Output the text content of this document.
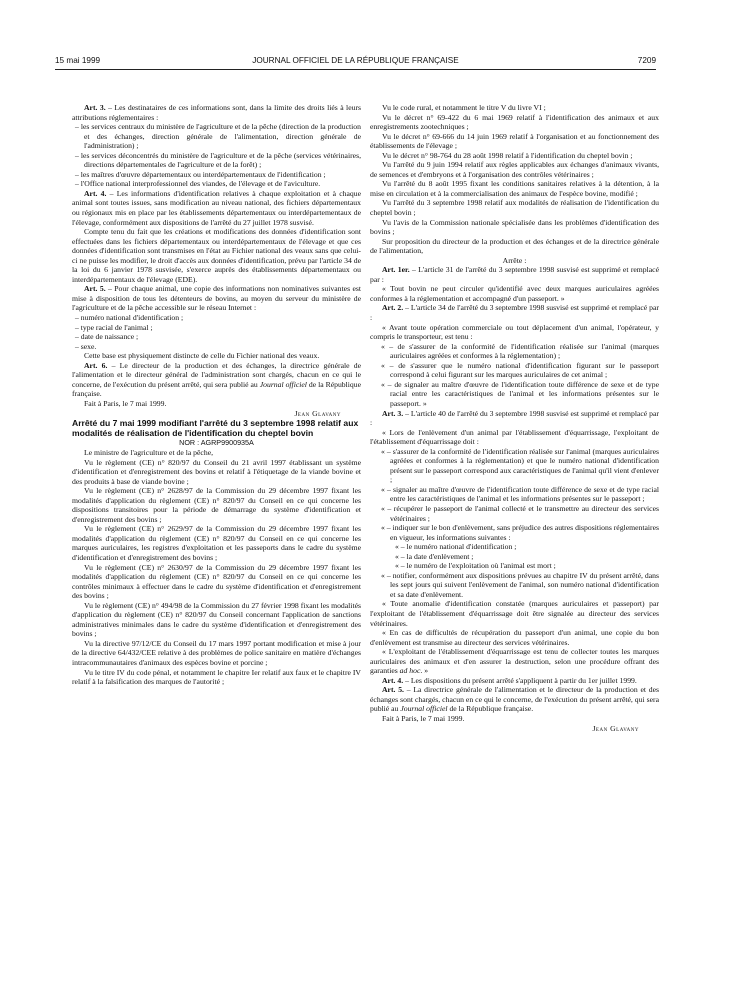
15 mai 1999	JOURNAL OFFICIEL DE LA RÉPUBLIQUE FRANÇAISE	7209

Art. 3. – Les destinataires de ces informations sont, dans la limite des droits liés à leurs attributions réglementaires :

– les services centraux du ministère de l'agriculture et de la pêche (direction de la production et des échanges, direction générale de l'alimentation, direction générale de l'administration) ;

– les services déconcentrés du ministère de l'agriculture et de la pêche (services vétérinaires, directions départementales de l'agriculture et de la forêt) ;

– les maîtres d'œuvre départementaux ou interdépartementaux de l'identification ;

– l'Office national interprofessionnel des viandes, de l'élevage et de l'aviculture.

Art. 4. – Les informations d'identification relatives à chaque exploitation et à chaque animal sont toutes issues, sans modification au niveau national, des fichiers départementaux ou régionaux mis en place par les établissements départementaux ou interdépartementaux de l'élevage, conformément aux dispositions de l'arrêté du 27 juillet 1978 susvisé.

Compte tenu du fait que les créations et modifications des données d'identification sont effectuées dans les fichiers départementaux ou interdépartementaux de l'élevage et que ces données d'identification sont transmises en l'état au Fichier national des veaux sans que celui-ci ne puisse les modifier, le droit d'accès aux données d'identification, prévu par l'article 34 de la loi du 6 janvier 1978 susvisée, s'exerce auprès des établissements départementaux ou interdépartementaux de l'élevage (EDE).

Art. 5. – Pour chaque animal, une copie des informations non nominatives suivantes est mise à disposition de tous les détenteurs de bovins, au moyen du serveur du ministère de l'agriculture et de la pêche accessible sur le réseau Internet :

– numéro national d'identification ;

– type racial de l'animal ;

– date de naissance ;

– sexe.

Cette base est physiquement distincte de celle du Fichier national des veaux.

Art. 6. – Le directeur de la production et des échanges, la directrice générale de l'alimentation et le directeur général de l'administration sont chargés, chacun en ce qui le concerne, de l'exécution du présent arrêté, qui sera publié au Journal officiel de la République française.

Fait à Paris, le 7 mai 1999.

Jean Glavany

Arrêté du 7 mai 1999 modifiant l'arrêté du 3 septembre 1998 relatif aux modalités de réalisation de l'identification du cheptel bovin

NOR : AGRP9900935A

Le ministre de l'agriculture et de la pêche,

Vu le règlement (CE) n° 820/97 du Conseil du 21 avril 1997 établissant un système d'identification et d'enregistrement des bovins et relatif à l'étiquetage de la viande bovine et des produits à base de viande bovine ;

Vu le règlement (CE) n° 2628/97 de la Commission du 29 décembre 1997 fixant les modalités d'application du règlement (CE) n° 820/97 du Conseil en ce qui concerne les dispositions transitoires pour la période de démarrage du système d'identification et d'enregistrement des bovins ;

Vu le règlement (CE) n° 2629/97 de la Commission du 29 décembre 1997 fixant les modalités d'application du règlement (CE) n° 820/97 du Conseil en ce qui concerne les marques auriculaires, les registres d'exploitation et les passeports dans le cadre du système d'identification et d'enregistrement des bovins ;

Vu le règlement (CE) n° 2630/97 de la Commission du 29 décembre 1997 fixant les modalités d'application du règlement (CE) n° 820/97 du Conseil en ce qui concerne les contrôles minimaux à effectuer dans le cadre du système d'identification et d'enregistrement des bovins ;

Vu le règlement (CE) n° 494/98 de la Commission du 27 février 1998 fixant les modalités d'application du règlement (CE) n° 820/97 du Conseil concernant l'application de sanctions administratives minimales dans le cadre du système d'identification et d'enregistrement des bovins ;

Vu la directive 97/12/CE du Conseil du 17 mars 1997 portant modification et mise à jour de la directive 64/432/CEE relative à des problèmes de police sanitaire en matière d'échanges intracommunautaires d'animaux des espèces bovine et porcine ;

Vu le titre IV du code pénal, et notamment le chapitre Ier relatif aux faux et le chapitre IV relatif à la falsification des marques de l'autorité ;

Vu le code rural, et notamment le titre V du livre VI ;

Vu le décret n° 69-422 du 6 mai 1969 relatif à l'identification des animaux et aux enregistrements zootechniques ;

Vu le décret n° 69-666 du 14 juin 1969 relatif à l'organisation et au fonctionnement des établissements de l'élevage ;

Vu le décret n° 98-764 du 28 août 1998 relatif à l'identification du cheptel bovin ;

Vu l'arrêté du 9 juin 1994 relatif aux règles applicables aux échanges d'animaux vivants, de semences et d'embryons et à l'organisation des contrôles vétérinaires ;

Vu l'arrêté du 8 août 1995 fixant les conditions sanitaires relatives à la détention, à la mise en circulation et à la commercialisation des animaux de l'espèce bovine, modifié ;

Vu l'arrêté du 3 septembre 1998 relatif aux modalités de réalisation de l'identification du cheptel bovin ;

Vu l'avis de la Commission nationale spécialisée dans les problèmes d'identification des bovins ;

Sur proposition du directeur de la production et des échanges et de la directrice générale de l'alimentation,

Arrête :

Art. 1er. – L'article 31 de l'arrêté du 3 septembre 1998 susvisé est supprimé et remplacé par :

« Tout bovin ne peut circuler qu'identifié avec deux marques auriculaires agréées conformes à la réglementation et accompagné d'un passeport. »

Art. 2. – L'article 34 de l'arrêté du 3 septembre 1998 susvisé est supprimé et remplacé par :

« Avant toute opération commerciale ou tout déplacement d'un animal, l'opérateur, y compris le transporteur, est tenu :

« – de s'assurer de la conformité de l'identification réalisée sur l'animal (marques auriculaires agréées et conformes à la réglementation) ;

« – de s'assurer que le numéro national d'identification figurant sur le passeport correspond à celui figurant sur les marques auriculaires de cet animal ;

« – de signaler au maître d'œuvre de l'identification toute différence de sexe et de type racial entre les caractéristiques de l'animal et les informations présentes sur le passeport. »

Art. 3. – L'article 40 de l'arrêté du 3 septembre 1998 susvisé est supprimé et remplacé par :

« Lors de l'enlèvement d'un animal par l'établissement d'équarrissage, l'exploitant de l'établissement d'équarrissage doit :

« – s'assurer de la conformité de l'identification réalisée sur l'animal (marques auriculaires agréées et conformes à la réglementation) et que le numéro national d'identification présent sur le passeport correspond aux caractéristiques de l'animal qu'il vient d'enlever ;

« – signaler au maître d'œuvre de l'identification toute différence de sexe et de type racial entre les caractéristiques de l'animal et les informations présentes sur le passeport ;

« – récupérer le passeport de l'animal collecté et le transmettre au directeur des services vétérinaires ;

« – indiquer sur le bon d'enlèvement, sans préjudice des autres dispositions réglementaires en vigueur, les informations suivantes :

« – le numéro national d'identification ;

« – la date d'enlèvement ;

« – le numéro de l'exploitation où l'animal est mort ;

« – notifier, conformément aux dispositions prévues au chapitre IV du présent arrêté, dans les sept jours qui suivent l'enlèvement de l'animal, son numéro national d'identification et sa date d'enlèvement.

« Toute anomalie d'identification constatée (marques auriculaires et passeport) par l'exploitant de l'établissement d'équarrissage doit être signalée au directeur des services vétérinaires.

« En cas de difficultés de récupération du passeport d'un animal, une copie du bon d'enlèvement est transmise au directeur des services vétérinaires.

« L'exploitant de l'établissement d'équarrissage est tenu de collecter toutes les marques auriculaires des animaux et d'en assurer la destruction, selon une procédure offrant des garanties ad hoc. »

Art. 4. – Les dispositions du présent arrêté s'appliquent à partir du 1er juillet 1999.

Art. 5. – La directrice générale de l'alimentation et le directeur de la production et des échanges sont chargés, chacun en ce qui le concerne, de l'exécution du présent arrêté, qui sera publié au Journal officiel de la République française.

Fait à Paris, le 7 mai 1999.

Jean Glavany
